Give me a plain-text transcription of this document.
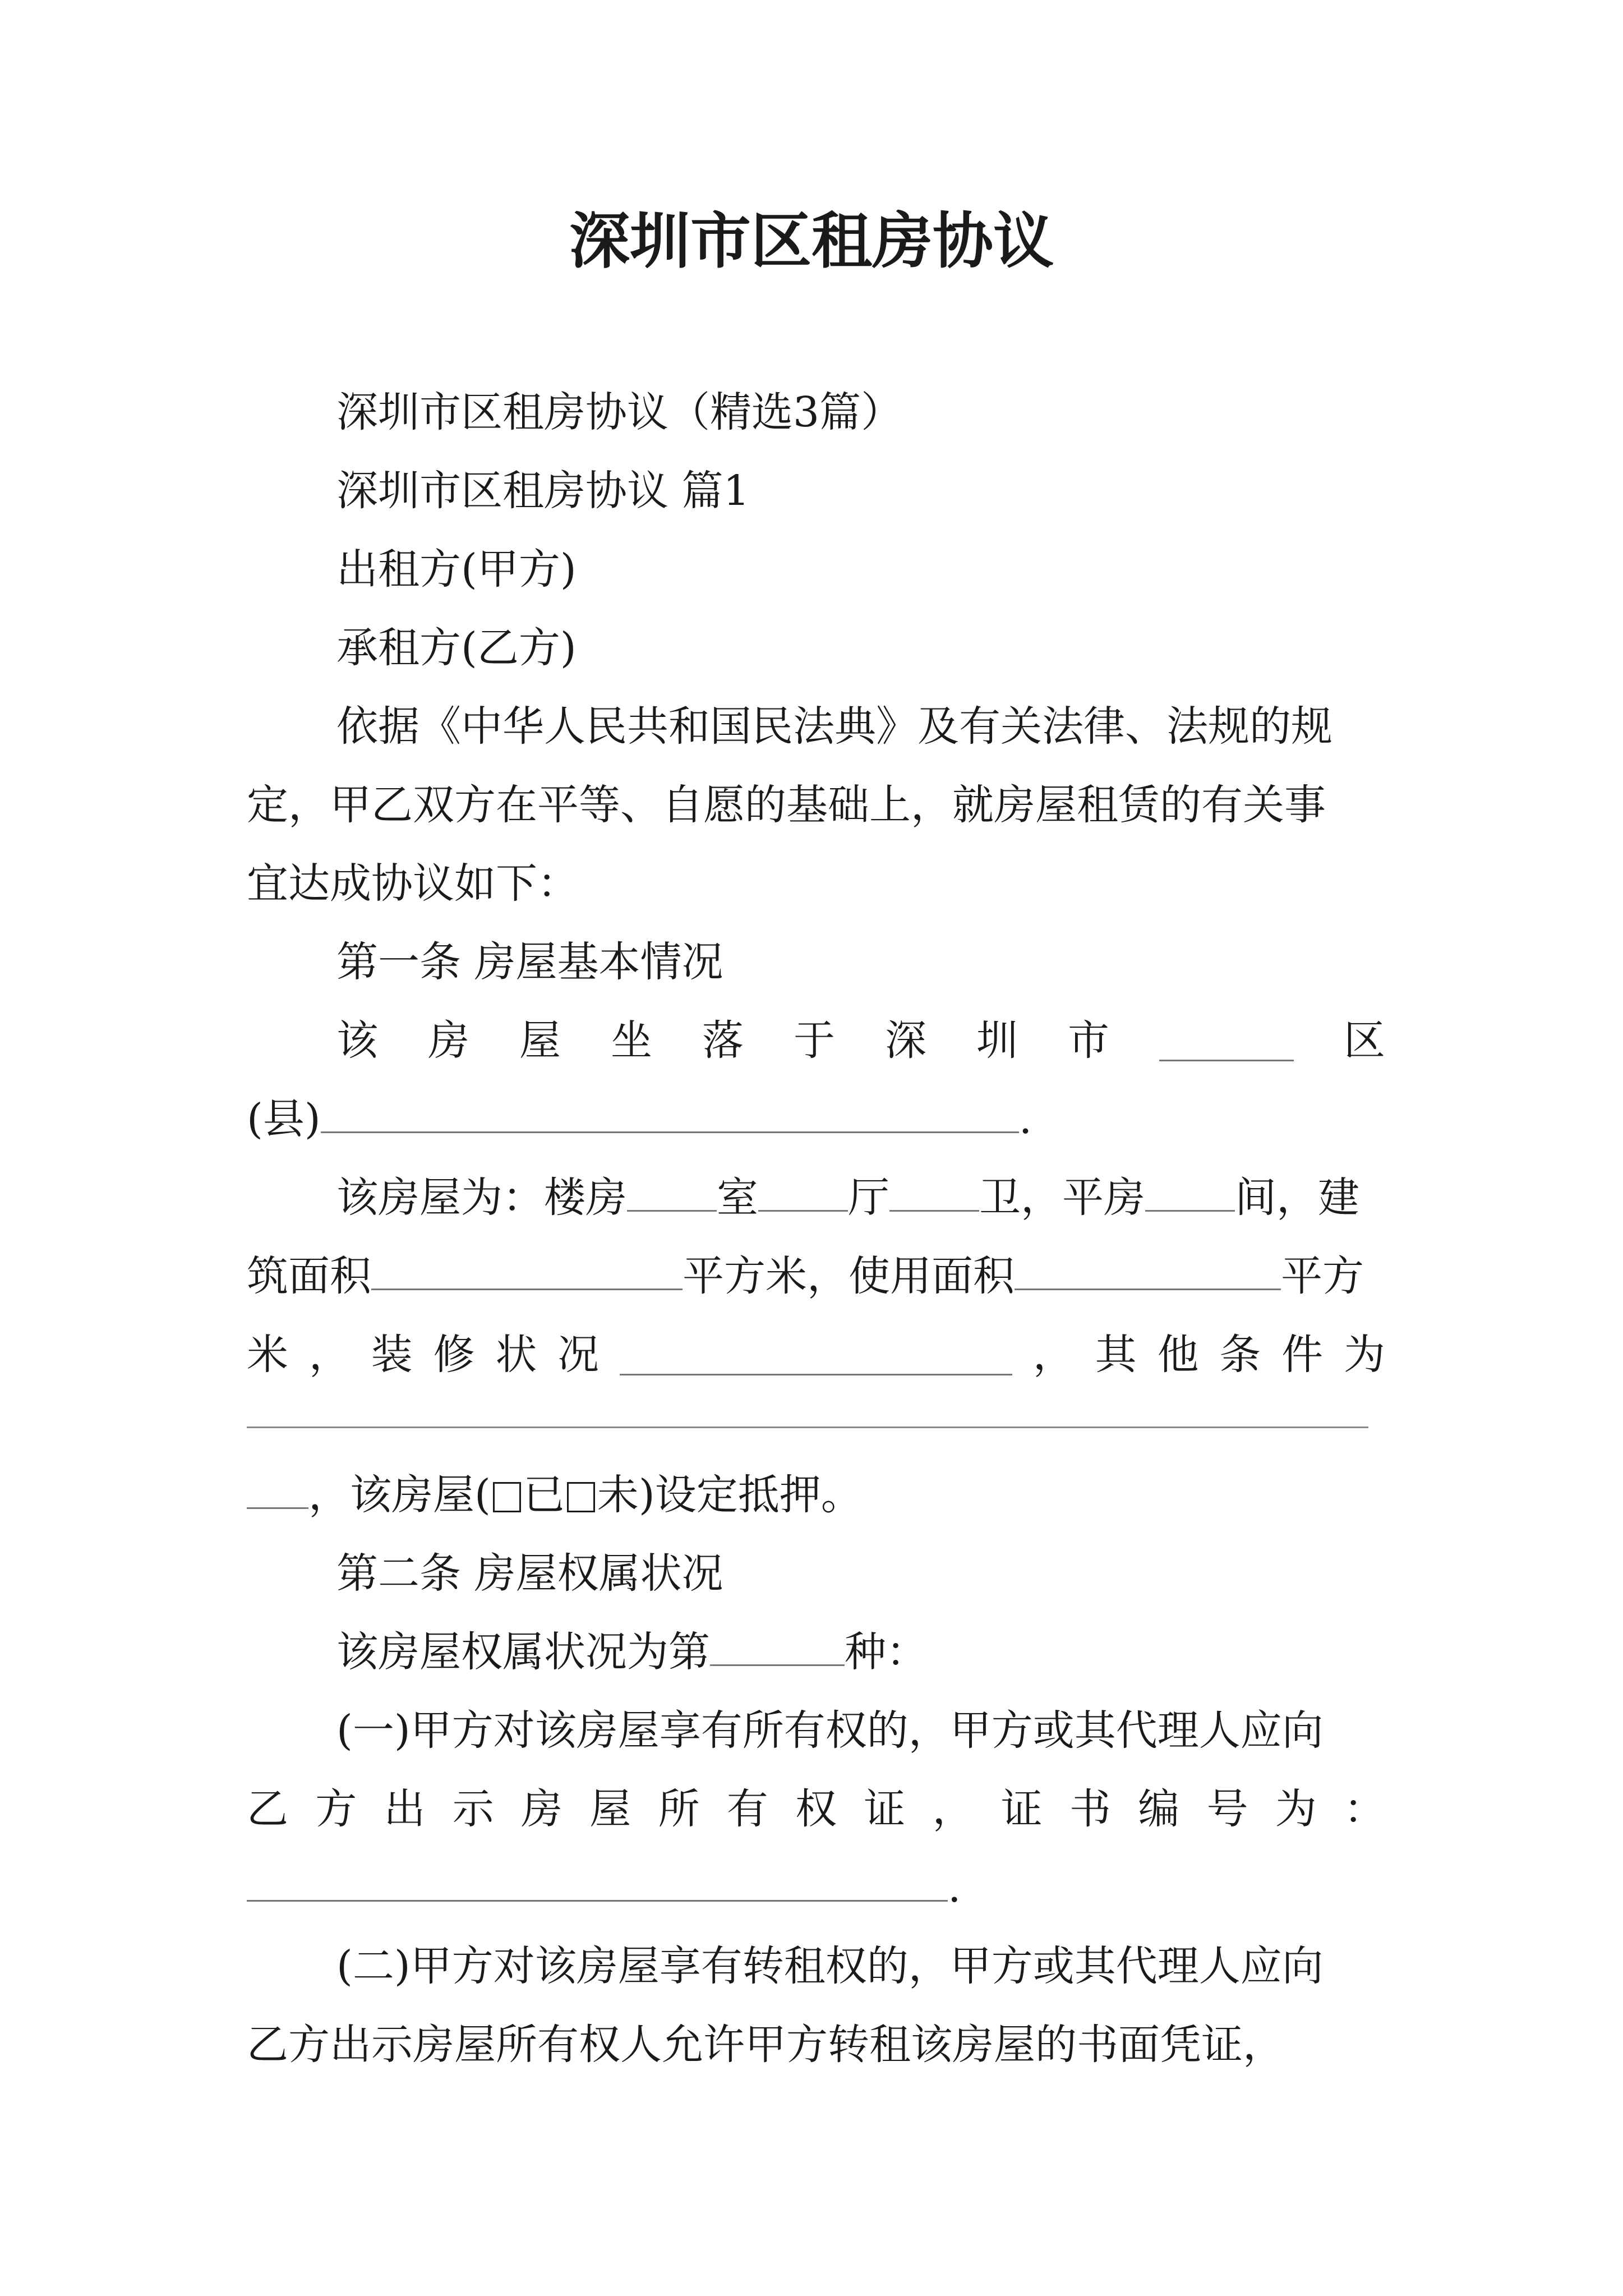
深圳市区租房协议

深圳市区租房协议（精选3篇）

深圳市区租房协议 篇1

出租方(甲方)

承租方(乙方)

依据《中华人民共和国民法典》及有关法律、法规的规

定，甲乙双方在平等、自愿的基础上，就房屋租赁的有关事

宜达成协议如下：

第一条 房屋基本情况

该 房 屋 坐 落 于 深 圳 市	区
(县)	.
该房屋为：楼房 室 厅 卫，平房 间，建
筑面积	平方米，使用面积	平方
米 ， 装 修 状 况	， 其 他 条 件 为
，该房屋( 已 未)设定抵押。

第二条 房屋权属状况

该房屋权属状况为第	种：

(一)甲方对该房屋享有所有权的，甲方或其代理人应向

乙 方 出 示 房 屋 所 有 权 证 ， 证 书 编 号 为 ：
.

(二)甲方对该房屋享有转租权的，甲方或其代理人应向

乙方出示房屋所有权人允许甲方转租该房屋的书面凭证，
